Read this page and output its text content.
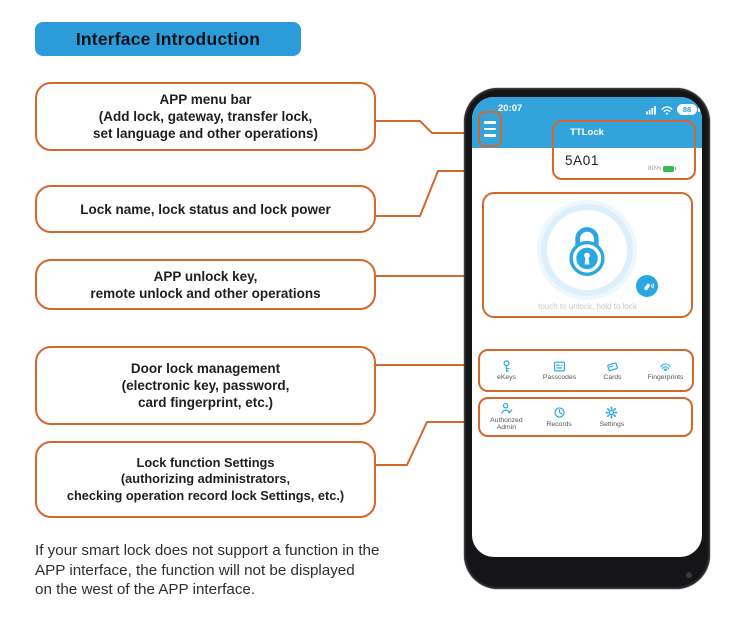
Interface Introduction
APP menu bar
(Add lock, gateway, transfer lock,
set language and other operations)
Lock name, lock status and lock power
APP unlock key,
remote unlock and other operations
Door lock management
(electronic key, password,
card fingerprint, etc.)
Lock function Settings
(authorizing administrators,
checking operation record lock Settings, etc.)
If your smart lock does not support a function in the
APP interface, the function will not be displayed
on the west of the APP interface.
20:07	88
TTLock
5A01
80%
touch to unlock, hold to lock
eKeys	Passcodes	Cards	Fingerprints
Authorized Admin
Records	Settings
